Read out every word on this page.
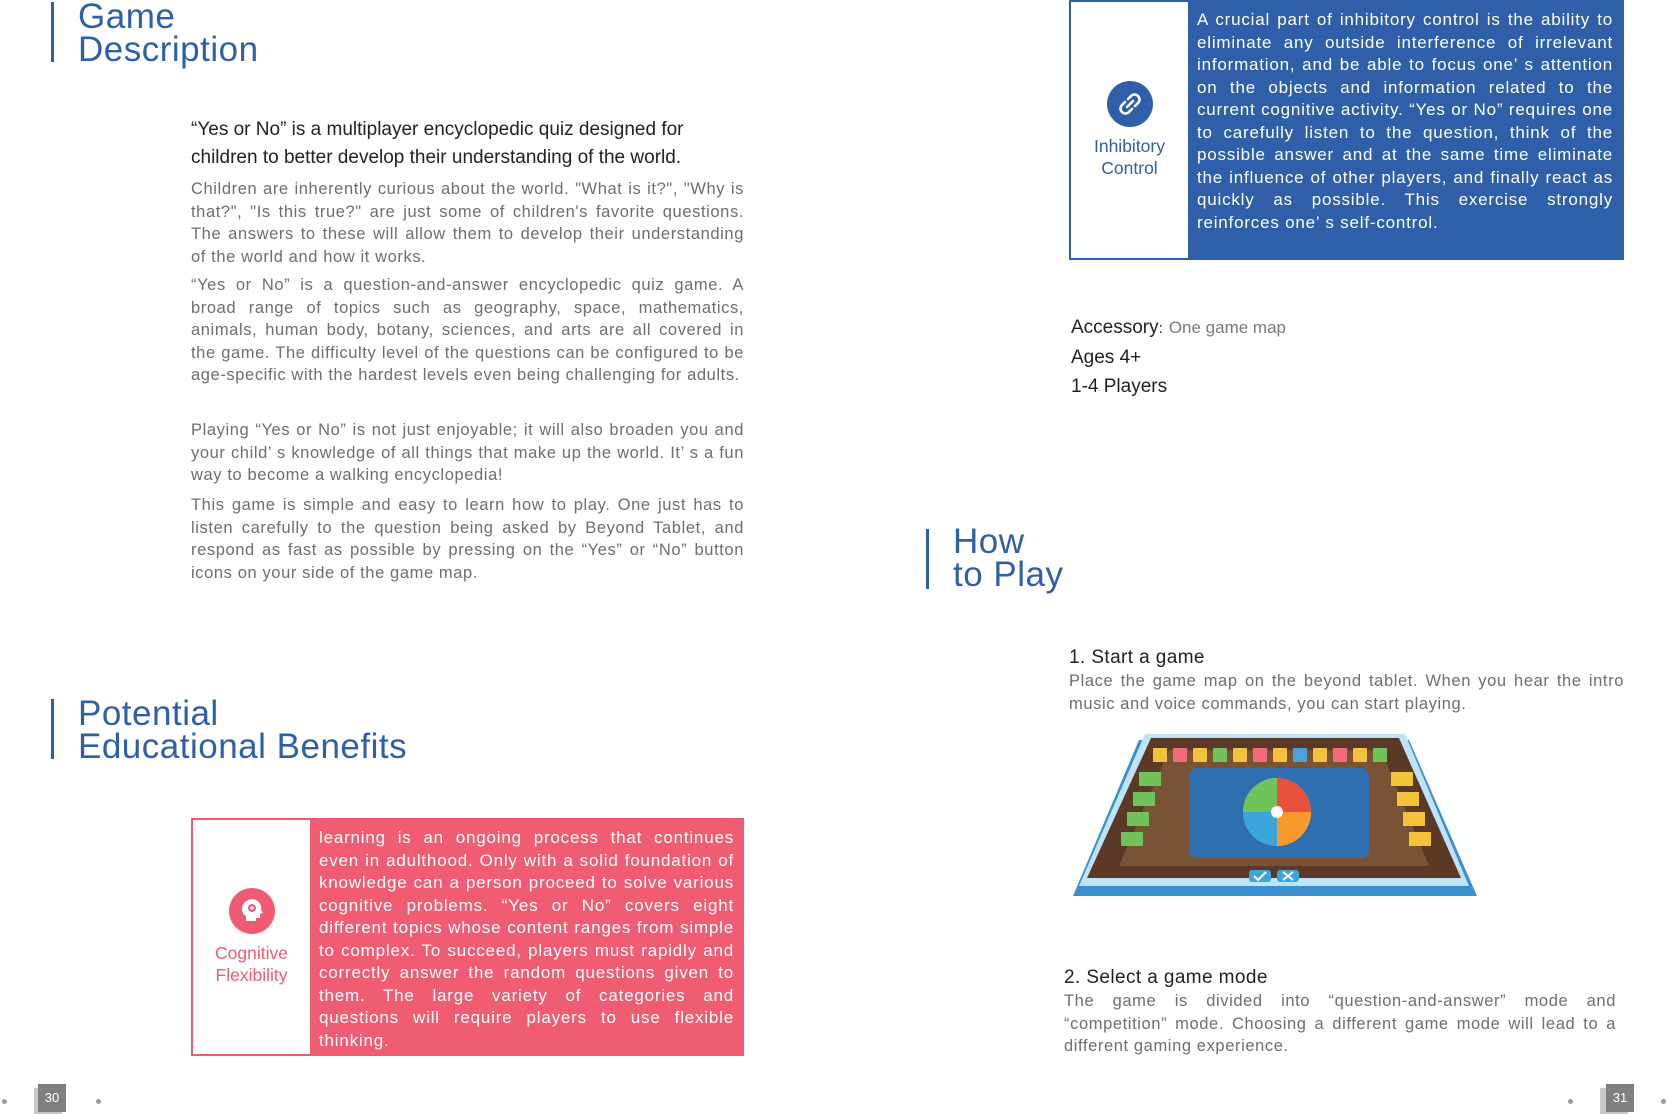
Game
Description
“Yes or No” is a multiplayer encyclopedic quiz designed for
children to better develop their understanding of the world.

Children are inherently curious about the world. "What is it?", "Why is that?", "Is this true?" are just some of children's favorite questions. The answers to these will allow them to develop their understanding of the world and how it works.

“Yes or No” is a question-and-answer encyclopedic quiz game. A broad range of topics such as geography, space, mathematics, animals, human body, botany, sciences, and arts are all covered in the game. The difficulty level of the questions can be configured to be age-specific with the hardest levels even being challenging for adults.

Playing “Yes or No” is not just enjoyable; it will also broaden you and your child’ s knowledge of all things that make up the world. It’ s a fun way to become a walking encyclopedia!

This game is simple and easy to learn how to play. One just has to listen carefully to the question being asked by Beyond Tablet, and respond as fast as possible by pressing on the “Yes” or “No” button icons on your side of the game map.

Potential
Educational Benefits
Cognitive
Flexibility
learning is an ongoing process that continues even in adulthood. Only with a solid foundation of knowledge can a person proceed to solve various cognitive problems. “Yes or No” covers eight different topics whose content ranges from simple to complex. To succeed, players must rapidly and correctly answer the random questions given to them. The large variety of categories and questions will require players to use flexible thinking.
30
Inhibitory
Control
A crucial part of inhibitory control is the ability to eliminate any outside interference of irrelevant information, and be able to focus one’ s attention on the objects and information related to the current cognitive activity. “Yes or No” requires one to carefully listen to the question, think of the possible answer and at the same time eliminate the influence of other players, and finally react as quickly as possible. This exercise strongly reinforces one’ s self-control.
Accessory: One game map
Ages 4+
1-4 Players
How
to Play
1. Start a game
Place the game map on the beyond tablet. When you hear the intro music and voice commands, you can start playing.
2. Select a game mode
The game is divided into “question-and-answer” mode and “competition” mode. Choosing a different game mode will lead to a different gaming experience.
31
